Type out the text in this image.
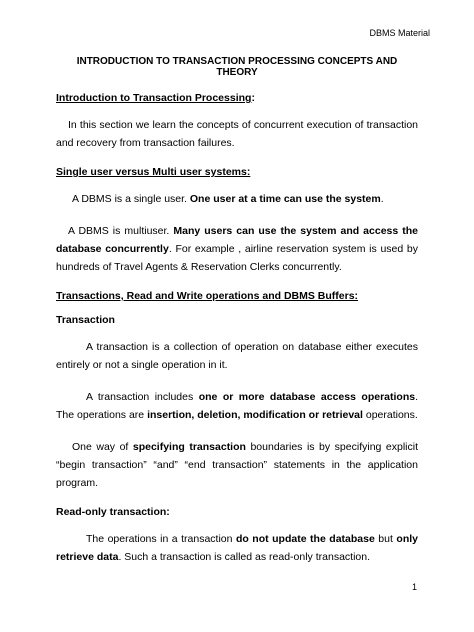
DBMS Material
INTRODUCTION TO TRANSACTION PROCESSING CONCEPTS AND THEORY
Introduction to Transaction Processing:

In this section we learn the concepts of concurrent execution of transaction and recovery from transaction failures.

Single user versus Multi user systems:

A DBMS is a single user. One user at a time can use the system.

A DBMS is multiuser. Many users can use the system and access the database concurrently. For example , airline reservation system is used by hundreds of Travel Agents & Reservation Clerks concurrently.

Transactions, Read and Write operations and DBMS Buffers:
Transaction

A transaction is a collection of operation on database either executes entirely or not a single operation in it.

A transaction includes one or more database access operations. The operations are insertion, deletion, modification or retrieval operations.

One way of specifying transaction boundaries is by specifying explicit “begin transaction” “and” “end transaction” statements in the application program.

Read-only transaction:

The operations in a transaction do not update the database but only retrieve data. Such a transaction is called as read-only transaction.

1
